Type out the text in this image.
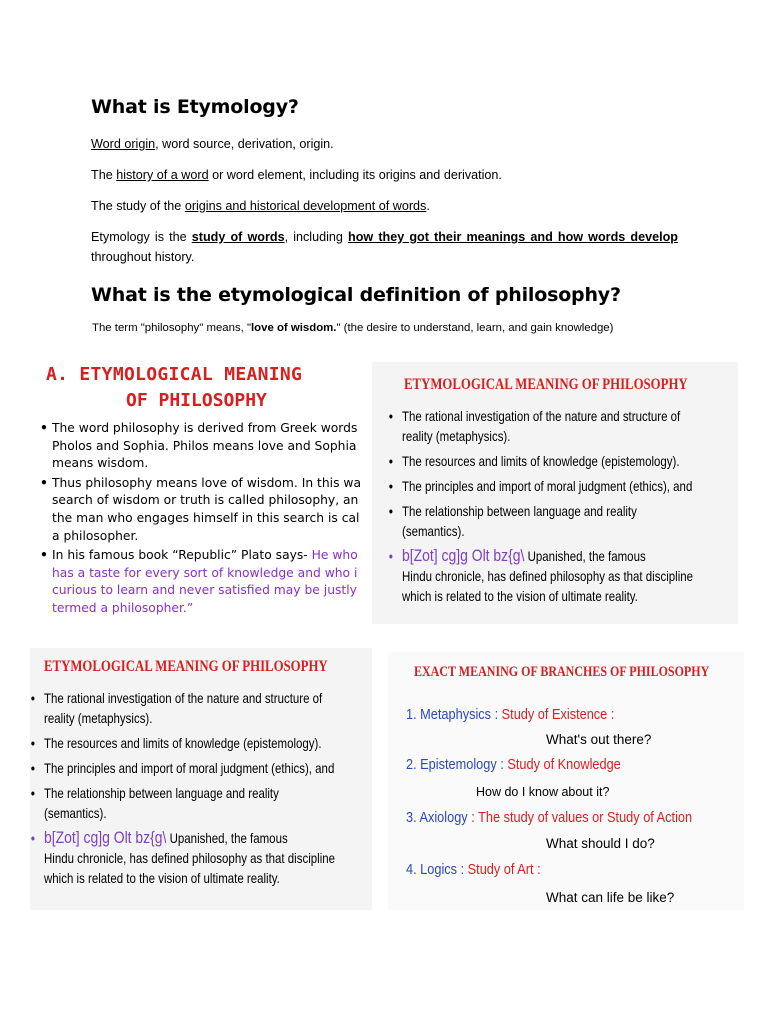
What is Etymology?
Word origin, word source, derivation, origin.
The history of a word or word element, including its origins and derivation.
The study of the origins and historical development of words.
Etymology is the study of words, including how they got their meanings and how words develop throughout history.
What is the etymological definition of philosophy?
The term "philosophy" means, "love of wisdom." (the desire to understand, learn, and gain knowledge)
A. ETYMOLOGICAL MEANING
OF PHILOSOPHY
• The word philosophy is derived from Greek words
Pholos and Sophia. Philos means love and Sophia
means wisdom.
• Thus philosophy means love of wisdom. In this wa
search of wisdom or truth is called philosophy, an
the man who engages himself in this search is cal
a philosopher.
• In his famous book “Republic” Plato says- He who
has a taste for every sort of knowledge and who i
curious to learn and never satisfied may be justly
termed a philosopher.”
ETYMOLOGICAL MEANING OF PHILOSOPHY
• The rational investigation of the nature and structure of
reality (metaphysics).
• The resources and limits of knowledge (epistemology).
• The principles and import of moral judgment (ethics), and
• The relationship between language and reality
(semantics).
• b[Zot] cg]g Olt bz{g\ Upanished, the famous
Hindu chronicle, has defined philosophy as that discipline
which is related to the vision of ultimate reality.
ETYMOLOGICAL MEANING OF PHILOSOPHY
• The rational investigation of the nature and structure of
reality (metaphysics).
• The resources and limits of knowledge (epistemology).
• The principles and import of moral judgment (ethics), and
• The relationship between language and reality
(semantics).
• b[Zot] cg]g Olt bz{g\ Upanished, the famous
Hindu chronicle, has defined philosophy as that discipline
which is related to the vision of ultimate reality.
EXACT MEANING OF BRANCHES OF PHILOSOPHY
1. Metaphysics : Study of Existence :
What's out there?
2. Epistemology : Study of Knowledge
How do I know about it?
3. Axiology : The study of values or Study of Action
What should I do?
4. Logics : Study of Art :
What can life be like?
